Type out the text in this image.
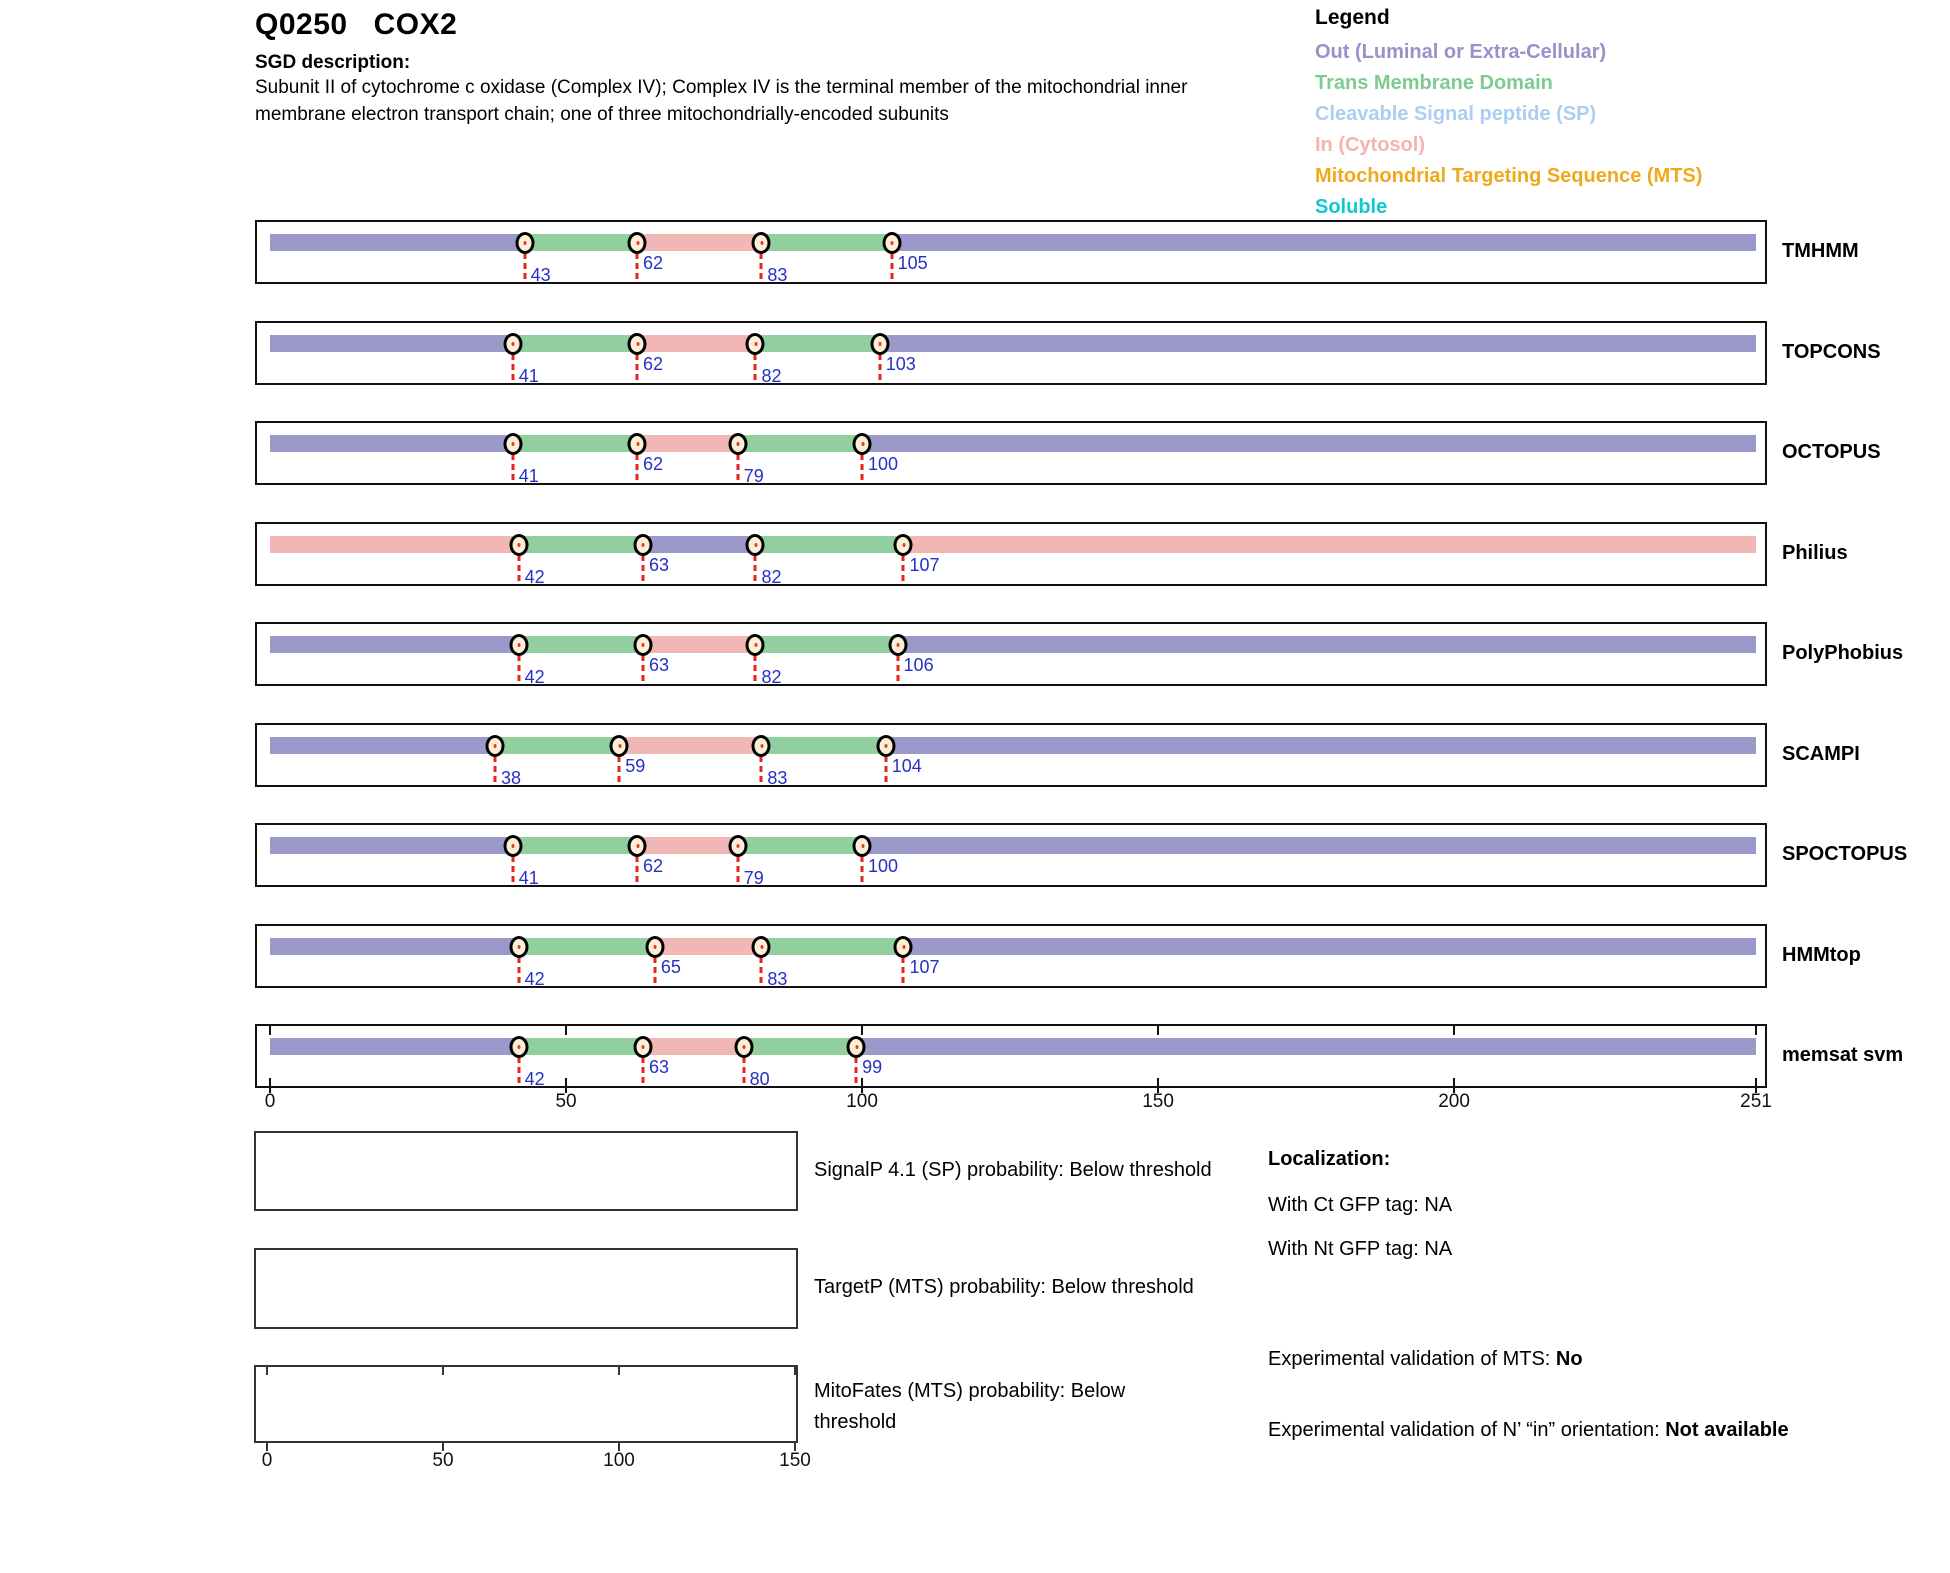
Q0250 COX2
SGD description:
Subunit II of cytochrome c oxidase (Complex IV); Complex IV is the terminal member of the mitochondrial inner membrane electron transport chain; one of three mitochondrially-encoded subunits
Legend
Out (Luminal or Extra-Cellular)
Trans Membrane Domain
Cleavable Signal peptide (SP)
In (Cytosol)
Mitochondrial Targeting Sequence (MTS)
Soluble
43
62
83
105
TMHMM
41
62
82
103
TOPCONS
41
62
79
100
OCTOPUS
42
63
82
107
Philius
42
63
82
106
PolyPhobius
38
59
83
104
SCAMPI
41
62
79
100
SPOCTOPUS
42
65
83
107
HMMtop
42
63
80
99
memsat svm
0	50	100	150	200	251
0	50	100	150
SignalP 4.1 (SP) probability: Below threshold
TargetP (MTS) probability: Below threshold
MitoFates (MTS) probability: Below threshold
Localization:
With Ct GFP tag: NA
With Nt GFP tag: NA
Experimental validation of MTS: No
Experimental validation of N’ “in” orientation: Not available
